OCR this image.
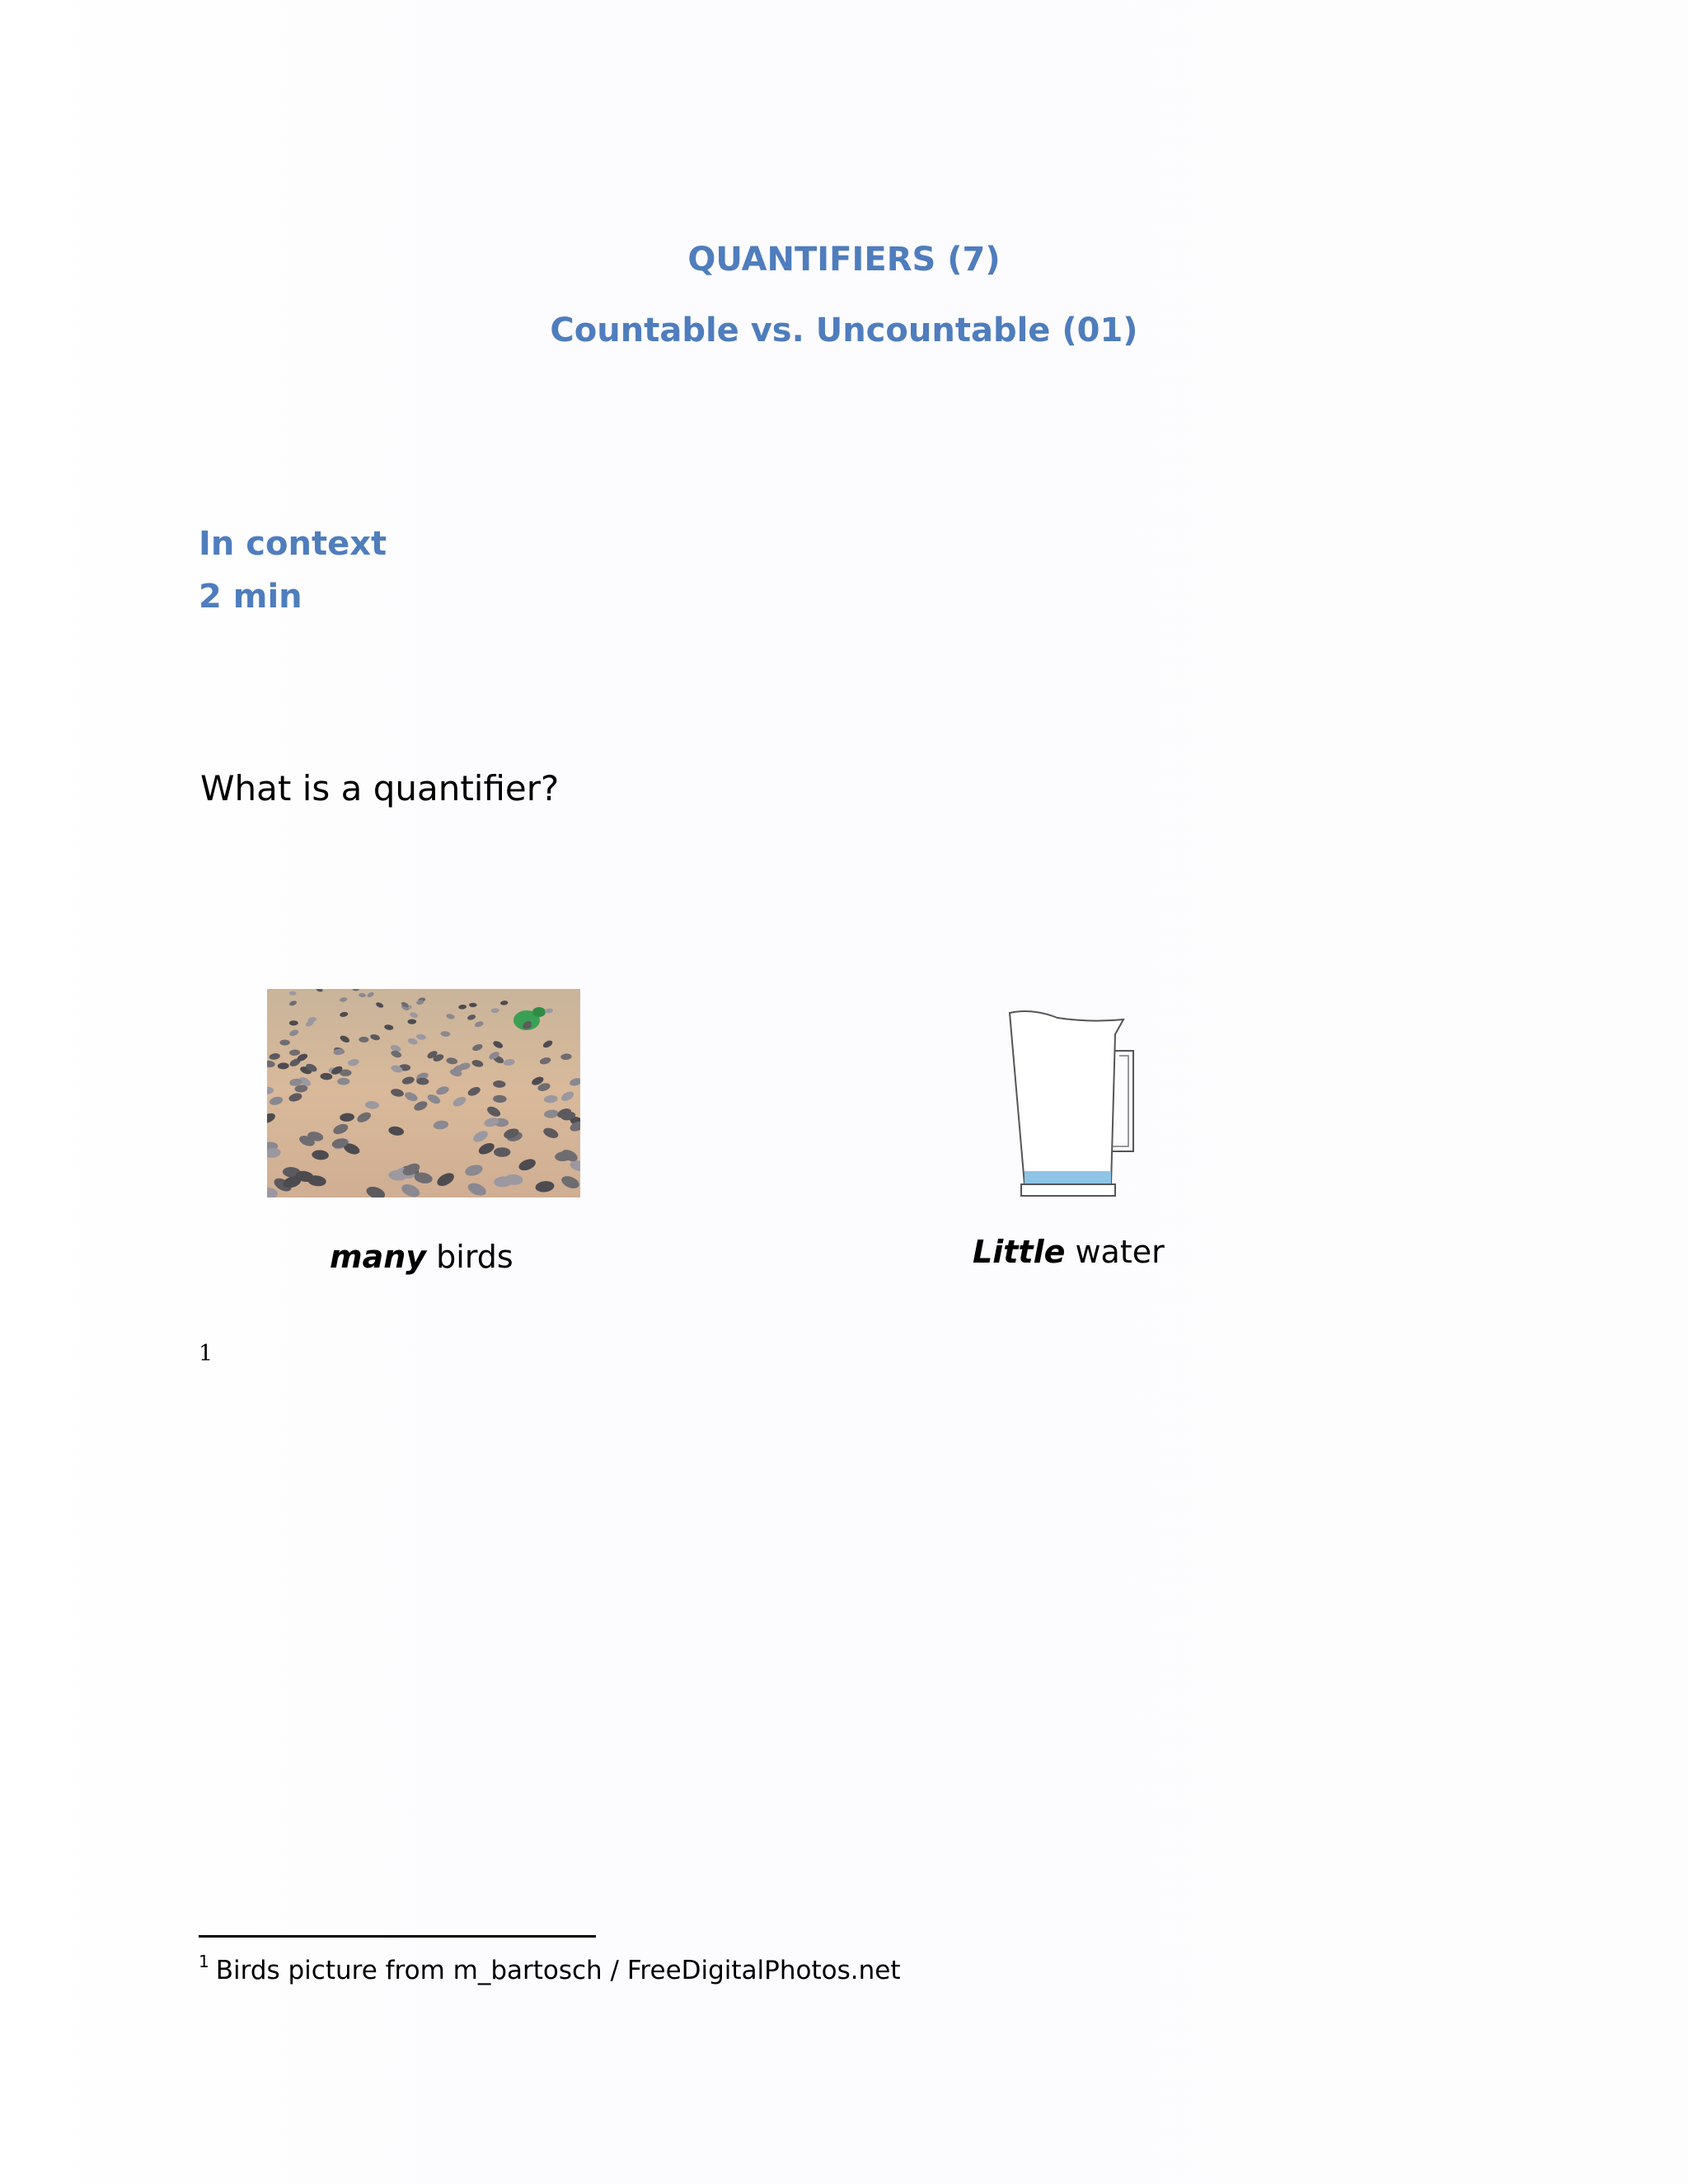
QUANTIFIERS (7)
Countable vs. Uncountable (01)
In context
2 min
What is a quantifier?
many birds	Little water
1
$^1$ Birds picture from m_bartosch / FreeDigitalPhotos.net
